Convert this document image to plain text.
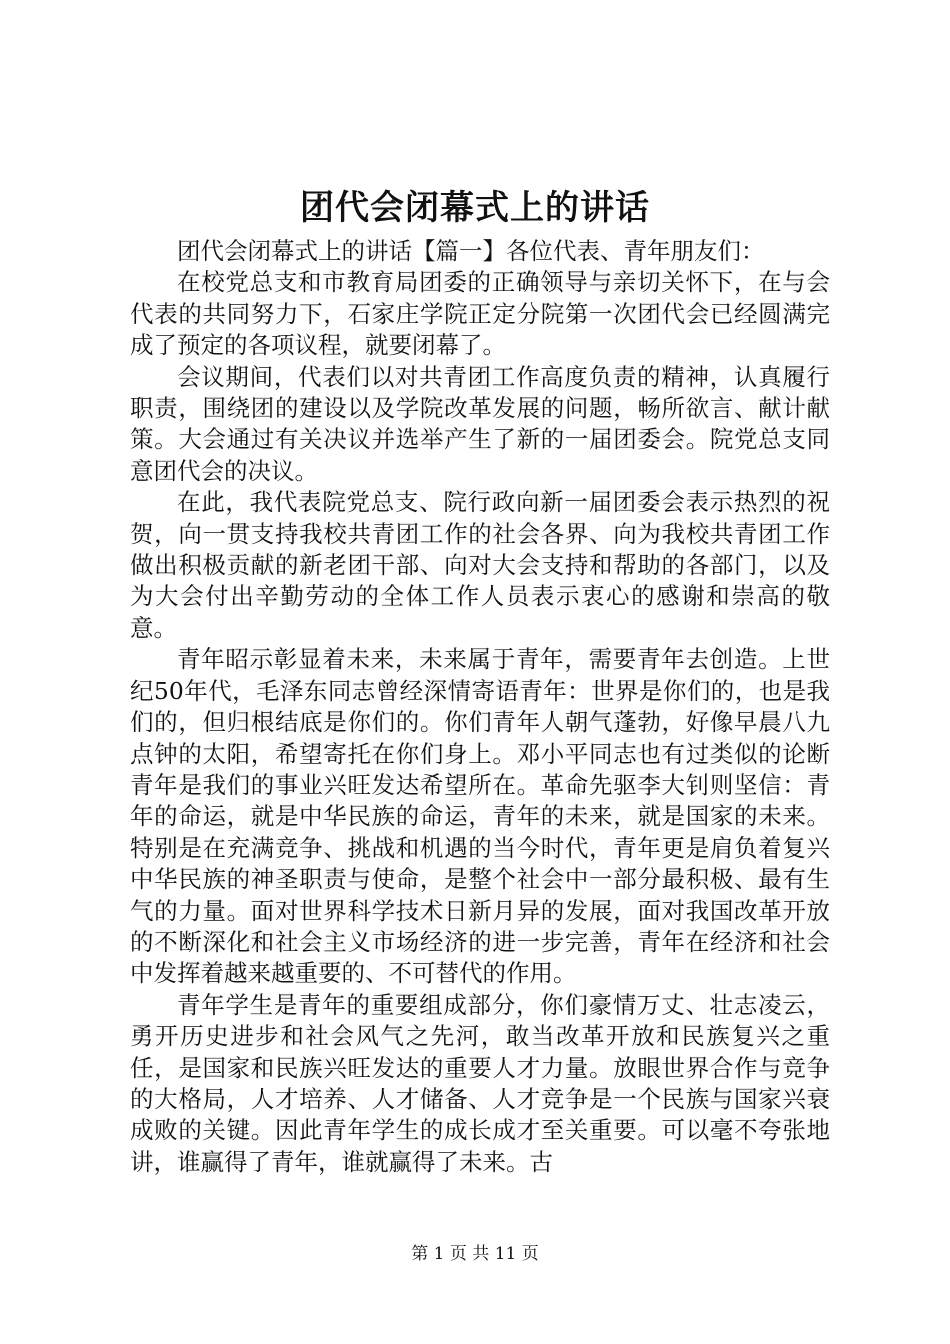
团代会闭幕式上的讲话

团代会闭幕式上的讲话【篇一】各位代表、青年朋友们：

在校党总支和市教育局团委的正确领导与亲切关怀下，在与会代表的共同努力下，石家庄学院正定分院第一次团代会已经圆满完成了预定的各项议程，就要闭幕了。

会议期间，代表们以对共青团工作高度负责的精神，认真履行职责，围绕团的建设以及学院改革发展的问题，畅所欲言、献计献策。大会通过有关决议并选举产生了新的一届团委会。院党总支同意团代会的决议。

在此，我代表院党总支、院行政向新一届团委会表示热烈的祝贺，向一贯支持我校共青团工作的社会各界、向为我校共青团工作做出积极贡献的新老团干部、向对大会支持和帮助的各部门，以及为大会付出辛勤劳动的全体工作人员表示衷心的感谢和崇高的敬意。

青年昭示彰显着未来，未来属于青年，需要青年去创造。上世纪50年代，毛泽东同志曾经深情寄语青年：世界是你们的，也是我们的，但归根结底是你们的。你们青年人朝气蓬勃，好像早晨八九点钟的太阳，希望寄托在你们身上。邓小平同志也有过类似的论断青年是我们的事业兴旺发达希望所在。革命先驱李大钊则坚信：青年的命运，就是中华民族的命运，青年的未来，就是国家的未来。特别是在充满竞争、挑战和机遇的当今时代，青年更是肩负着复兴中华民族的神圣职责与使命，是整个社会中一部分最积极、最有生气的力量。面对世界科学技术日新月异的发展，面对我国改革开放的不断深化和社会主义市场经济的进一步完善，青年在经济和社会中发挥着越来越重要的、不可替代的作用。

青年学生是青年的重要组成部分，你们豪情万丈、壮志凌云，勇开历史进步和社会风气之先河，敢当改革开放和民族复兴之重任，是国家和民族兴旺发达的重要人才力量。放眼世界合作与竞争的大格局，人才培养、人才储备、人才竞争是一个民族与国家兴衰成败的关键。因此青年学生的成长成才至关重要。可以毫不夸张地讲，谁赢得了青年，谁就赢得了未来。古

第 1 页 共 11 页
